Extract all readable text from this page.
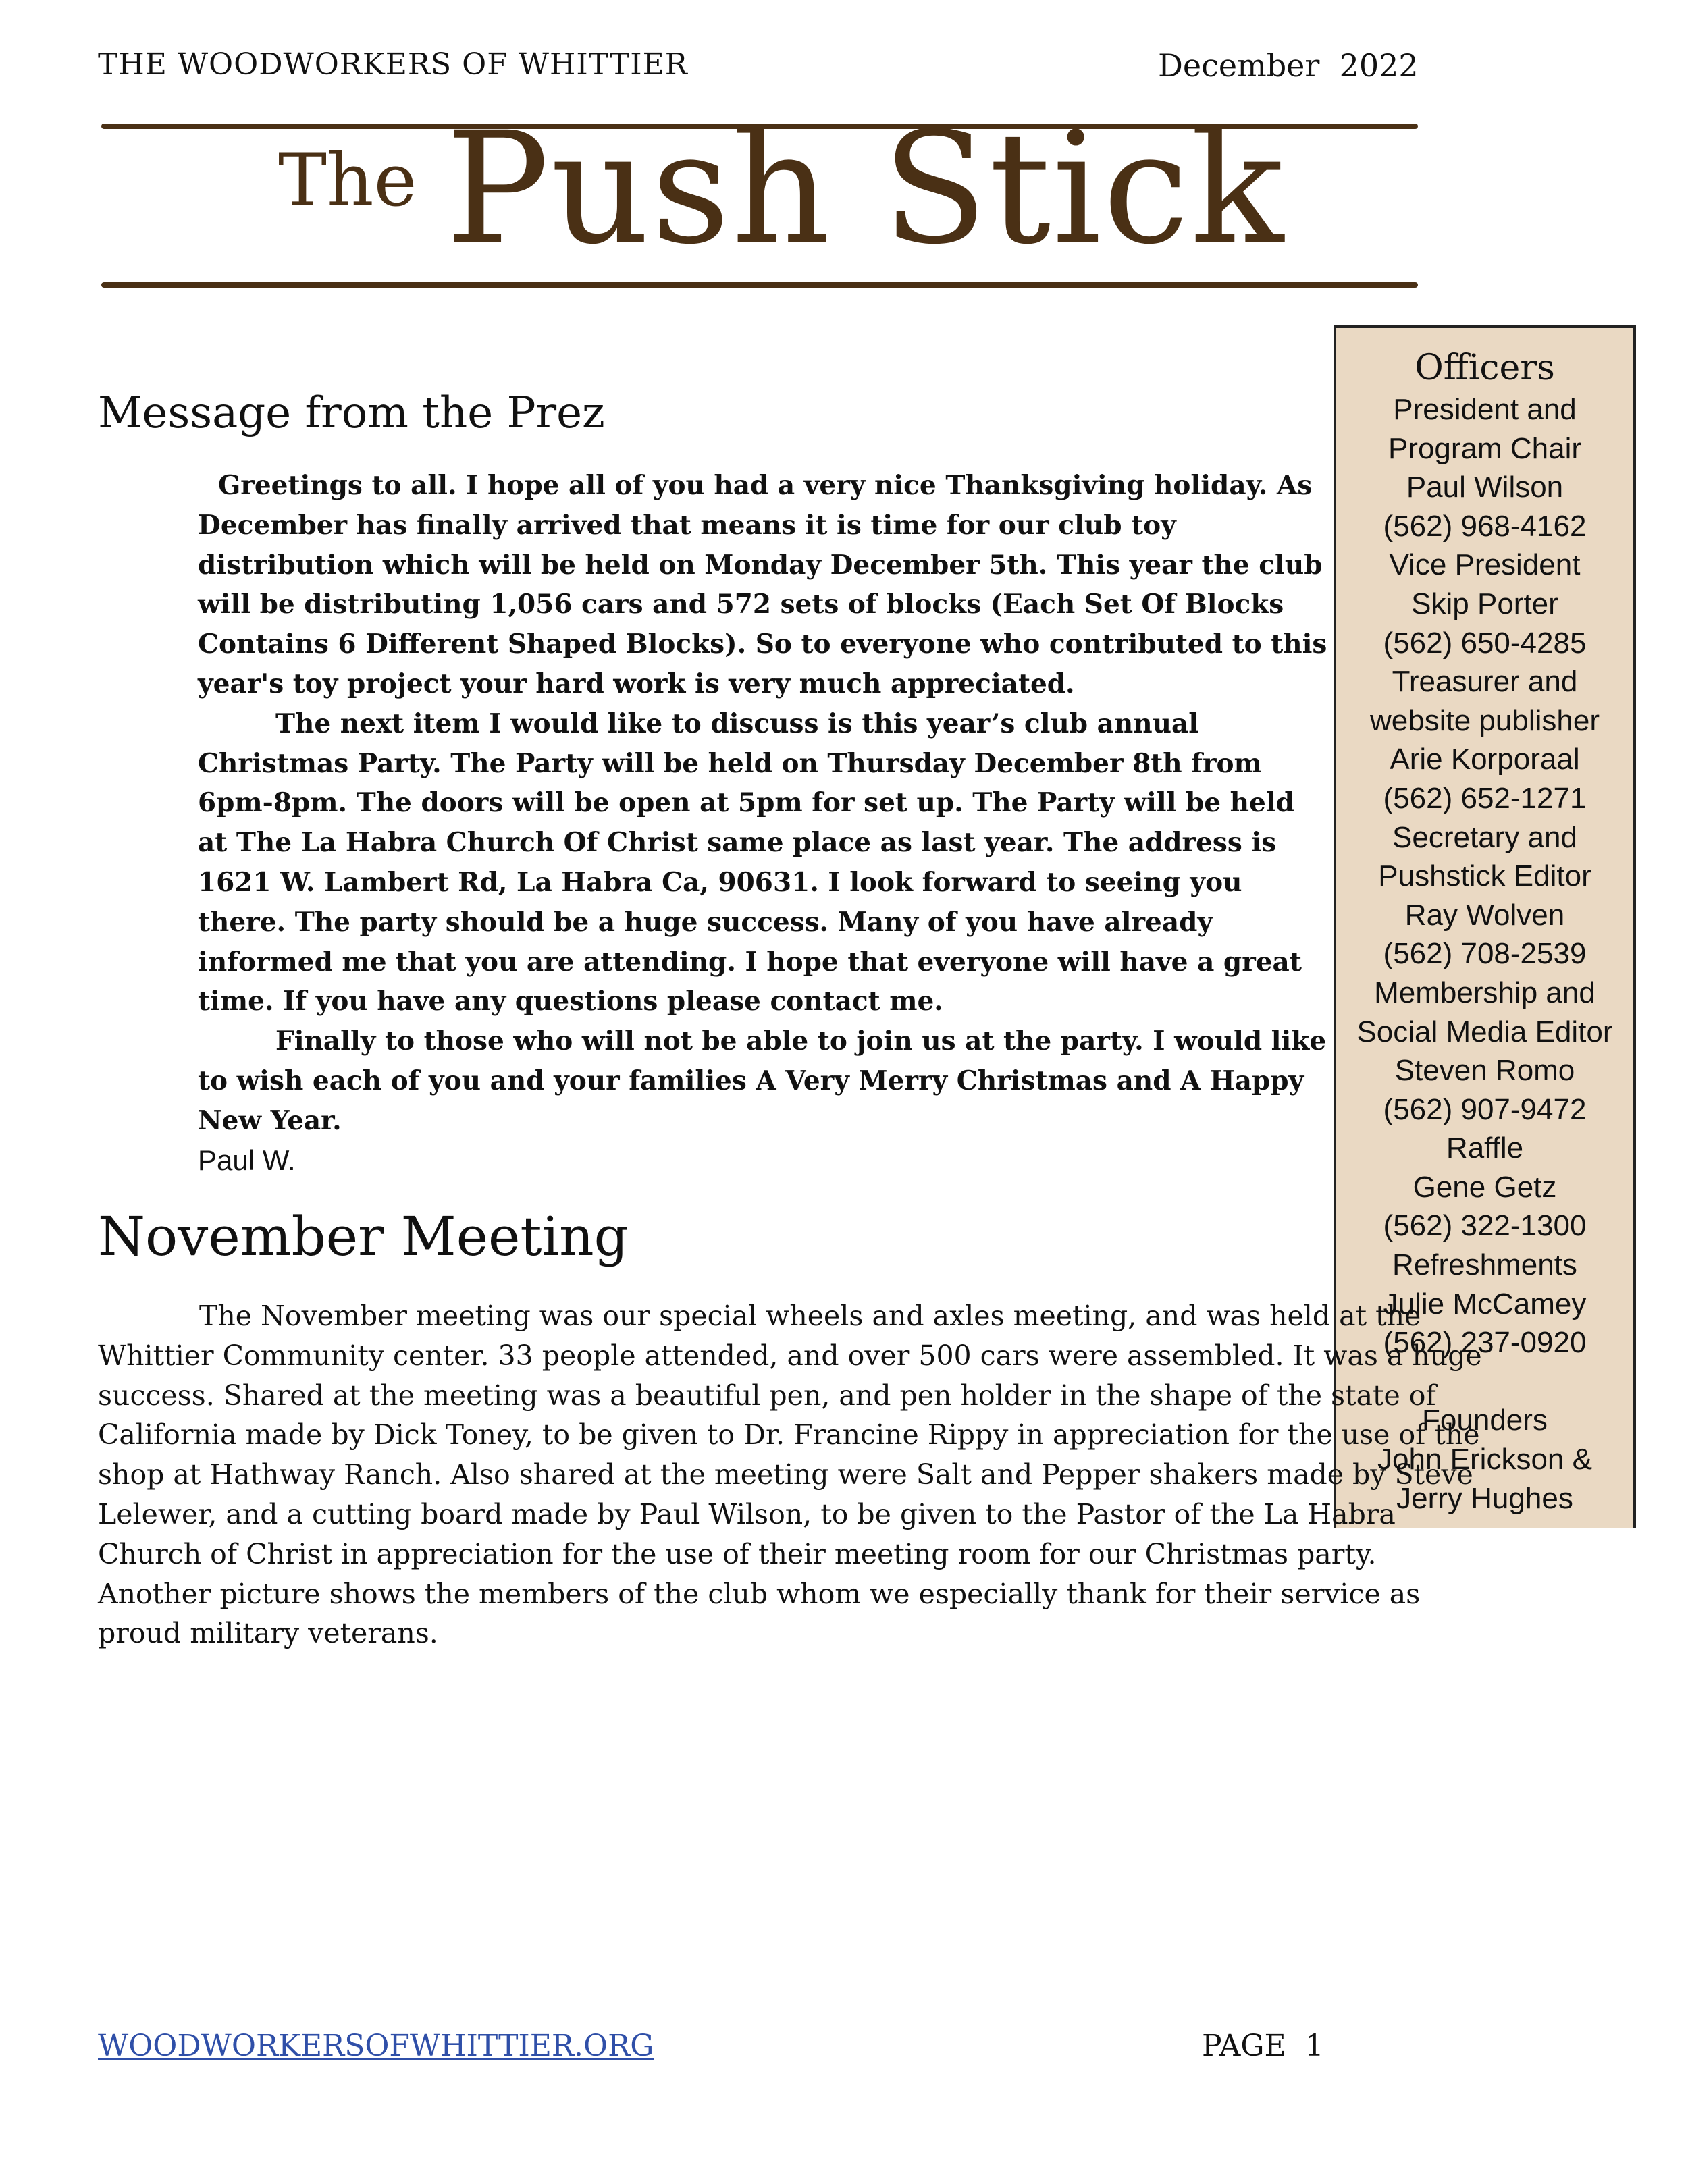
THE WOODWORKERS OF WHITTIER	December  2022
The Push Stick
Officers
President and
Program Chair
Paul Wilson
(562) 968-4162
Vice President
Skip Porter
(562) 650-4285
Treasurer and
website publisher
Arie Korporaal
(562) 652-1271
Secretary and
Pushstick Editor
Ray Wolven
(562) 708-2539
Membership and
Social Media Editor
Steven Romo
(562) 907-9472
Raffle
Gene Getz
(562) 322-1300
Refreshments
Julie McCamey
(562) 237-0920
Founders
John Erickson &
Jerry Hughes
Message from the Prez

Greetings to all. I hope all of you had a very nice Thanksgiving holiday. As December has finally arrived that means it is time for our club toy distribution which will be held on Monday December 5th. This year the club will be distributing 1,056 cars and 572 sets of blocks (Each Set Of Blocks Contains 6 Different Shaped Blocks). So to everyone who contributed to this year's toy project your hard work is very much appreciated.

The next item I would like to discuss is this year’s club annual Christmas Party. The Party will be held on Thursday December 8th from 6pm-8pm. The doors will be open at 5pm for set up. The Party will be held at The La Habra Church Of Christ same place as last year. The address is 1621 W. Lambert Rd, La Habra Ca, 90631. I look forward to seeing you there. The party should be a huge success. Many of you have already informed me that you are attending. I hope that everyone will have a great time. If you have any questions please contact me.

Finally to those who will not be able to join us at the party. I would like to wish each of you and your families A Very Merry Christmas and A Happy New Year.

Paul W.

November Meeting

The November meeting was our special wheels and axles meeting, and was held at the Whittier Community center. 33 people attended, and over 500 cars were assembled. It was a huge success. Shared at the meeting was a beautiful pen, and pen holder in the shape of the state of California made by Dick Toney, to be given to Dr. Francine Rippy in appreciation for the use of the shop at Hathway Ranch. Also shared at the meeting were Salt and Pepper shakers made by Steve Lelewer, and a cutting board made by Paul Wilson, to be given to the Pastor of the La Habra Church of Christ in appreciation for the use of their meeting room for our Christmas party. Another picture shows the members of the club whom we especially thank for their service as proud military veterans.

WOODWORKERSOFWHITTIER.ORG	PAGE  1
